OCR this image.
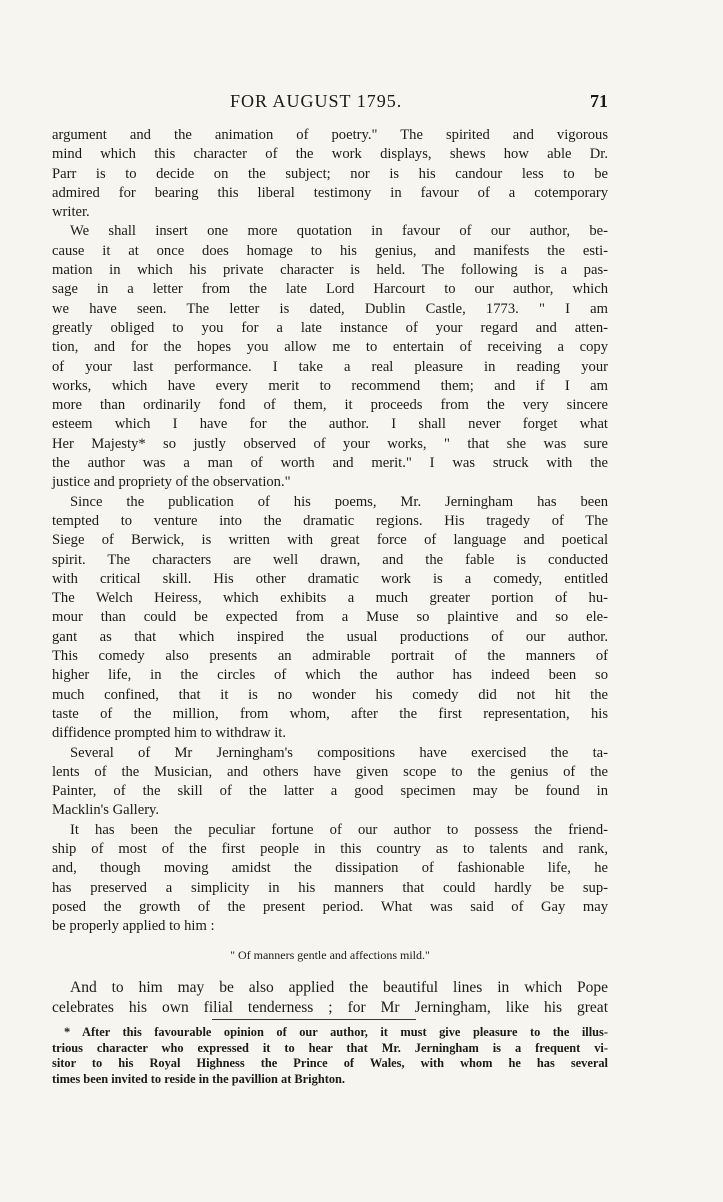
FOR AUGUST 1795.	71
argument and the animation of poetry." The spirited and vigorous
mind which this character of the work displays, shews how able Dr.
Parr is to decide on the subject; nor is his candour less to be
admired for bearing this liberal testimony in favour of a cotemporary
writer.
We shall insert one more quotation in favour of our author, be-
cause it at once does homage to his genius, and manifests the esti-
mation in which his private character is held. The following is a pas-
sage in a letter from the late Lord Harcourt to our author, which
we have seen. The letter is dated, Dublin Castle, 1773. " I am
greatly obliged to you for a late instance of your regard and atten-
tion, and for the hopes you allow me to entertain of receiving a copy
of your last performance. I take a real pleasure in reading your
works, which have every merit to recommend them; and if I am
more than ordinarily fond of them, it proceeds from the very sincere
esteem which I have for the author. I shall never forget what
Her Majesty* so justly observed of your works, " that she was sure
the author was a man of worth and merit." I was struck with the
justice and propriety of the observation."
Since the publication of his poems, Mr. Jerningham has been
tempted to venture into the dramatic regions. His tragedy of The
Siege of Berwick, is written with great force of language and poetical
spirit. The characters are well drawn, and the fable is conducted
with critical skill. His other dramatic work is a comedy, entitled
The Welch Heiress, which exhibits a much greater portion of hu-
mour than could be expected from a Muse so plaintive and so ele-
gant as that which inspired the usual productions of our author.
This comedy also presents an admirable portrait of the manners of
higher life, in the circles of which the author has indeed been so
much confined, that it is no wonder his comedy did not hit the
taste of the million, from whom, after the first representation, his
diffidence prompted him to withdraw it.
Several of Mr Jerningham's compositions have exercised the ta-
lents of the Musician, and others have given scope to the genius of the
Painter, of the skill of the latter a good specimen may be found in
Macklin's Gallery.
It has been the peculiar fortune of our author to possess the friend-
ship of most of the first people in this country as to talents and rank,
and, though moving amidst the dissipation of fashionable life, he
has preserved a simplicity in his manners that could hardly be sup-
posed the growth of the present period. What was said of Gay may
be properly applied to him :
" Of manners gentle and affections mild."
And to him may be also applied the beautiful lines in which Pope
celebrates his own filial tenderness ; for Mr Jerningham, like his great
* After this favourable opinion of our author, it must give pleasure to the illus-
trious character who expressed it to hear that Mr. Jerningham is a frequent vi-
sitor to his Royal Highness the Prince of Wales, with whom he has several
times been invited to reside in the pavillion at Brighton.
